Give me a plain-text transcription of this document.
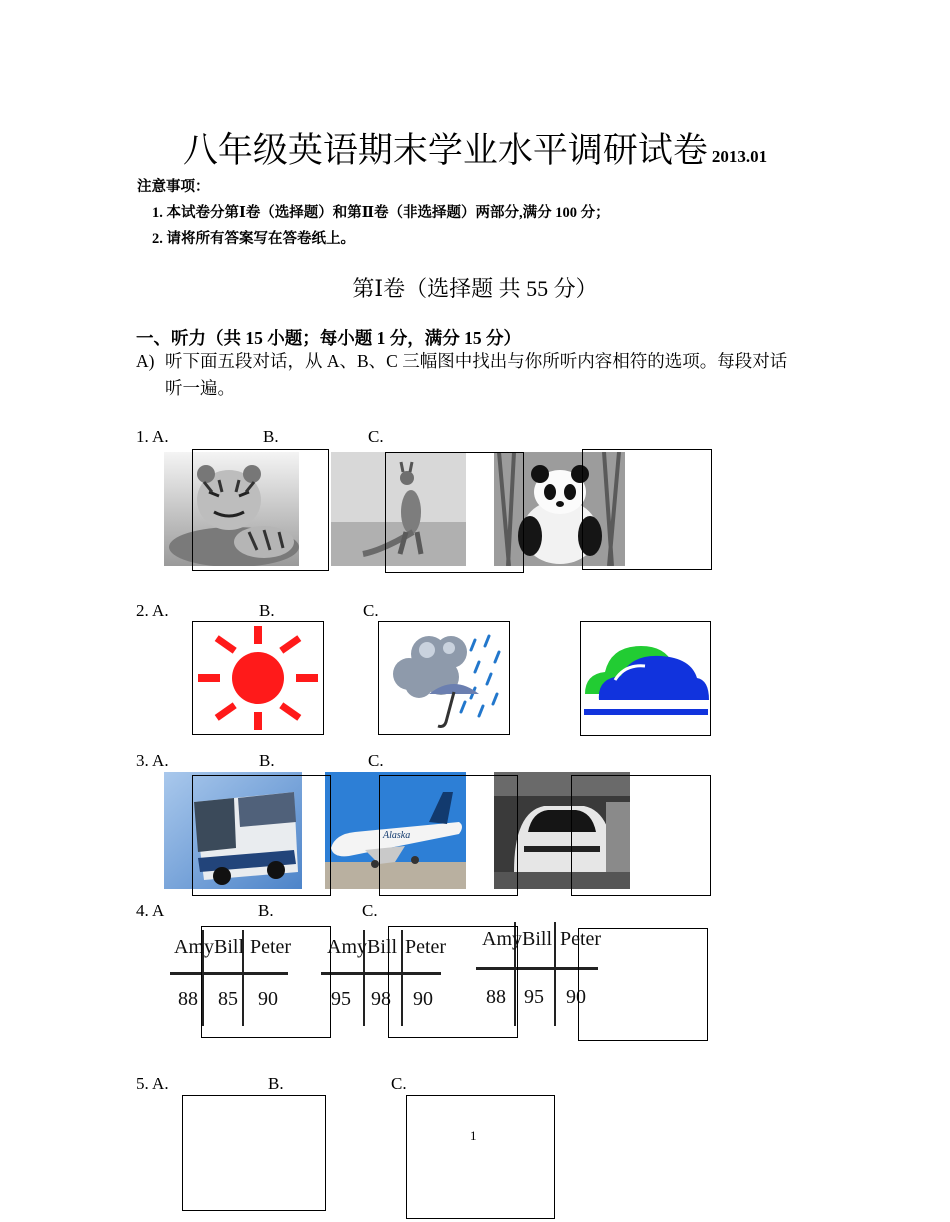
八年级英语期末学业水平调研试卷 2013.01
注意事项：
1. 本试卷分第Ⅰ卷（选择题）和第Ⅱ卷（非选择题）两部分,满分 100 分；
2. 请将所有答案写在答卷纸上。
第Ⅰ卷（选择题 共 55 分）
一、听力（共 15 小题；每小题 1 分，满分 15 分）
A) 听下面五段对话，从 A、B、C 三幅图中找出与你所听内容相符的选项。每段对话
听一遍。
1. A.	B.	C.
2. A.	B.	C.
3. A.	B.	C.
Alaska
4. A	B.	C.
Amy Bill Peter
88 85 90
Amy Bill Peter
95 98 90
Amy Bill Peter
88 95 90
5. A.	B.	C.
1
